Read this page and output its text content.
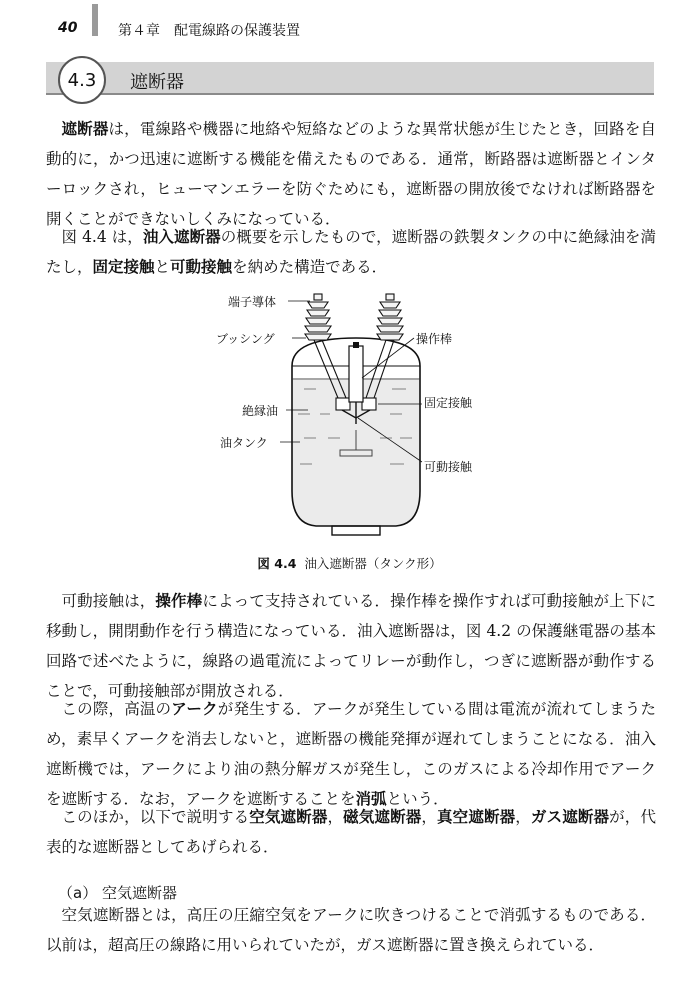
40	第４章　配電線路の保護装置
4.3	遮断器
遮断器は，電線路や機器に地絡や短絡などのような異常状態が生じたとき，回路を自動的に，かつ迅速に遮断する機能を備えたものである．通常，断路器は遮断器とインターロックされ，ヒューマンエラーを防ぐためにも，遮断器の開放後でなければ断路器を開くことができないしくみになっている．
図 4.4 は，油入遮断器の概要を示したもので，遮断器の鉄製タンクの中に絶縁油を満たし，固定接触と可動接触を納めた構造である．
可動接触は，操作棒によって支持されている．操作棒を操作すれば可動接触が上下に移動し，開閉動作を行う構造になっている．油入遮断器は，図 4.2 の保護継電器の基本回路で述べたように，線路の過電流によってリレーが動作し，つぎに遮断器が動作することで，可動接触部が開放される．
この際，高温のアークが発生する．アークが発生している間は電流が流れてしまうため，素早くアークを消去しないと，遮断器の機能発揮が遅れてしまうことになる．油入遮断機では，アークにより油の熱分解ガスが発生し，このガスによる冷却作用でアークを遮断する．なお，アークを遮断することを消弧という．
このほか，以下で説明する空気遮断器，磁気遮断器，真空遮断器，ガス遮断器が，代表的な遮断器としてあげられる．
端子導体
ブッシング	操作棒
絶縁油
固定接触
油タンク
可動接触
図 4.4 油入遮断器（タンク形）
（a） 空気遮断器
空気遮断器とは，高圧の圧縮空気をアークに吹きつけることで消弧するものである．以前は，超高圧の線路に用いられていたが，ガス遮断器に置き換えられている．
